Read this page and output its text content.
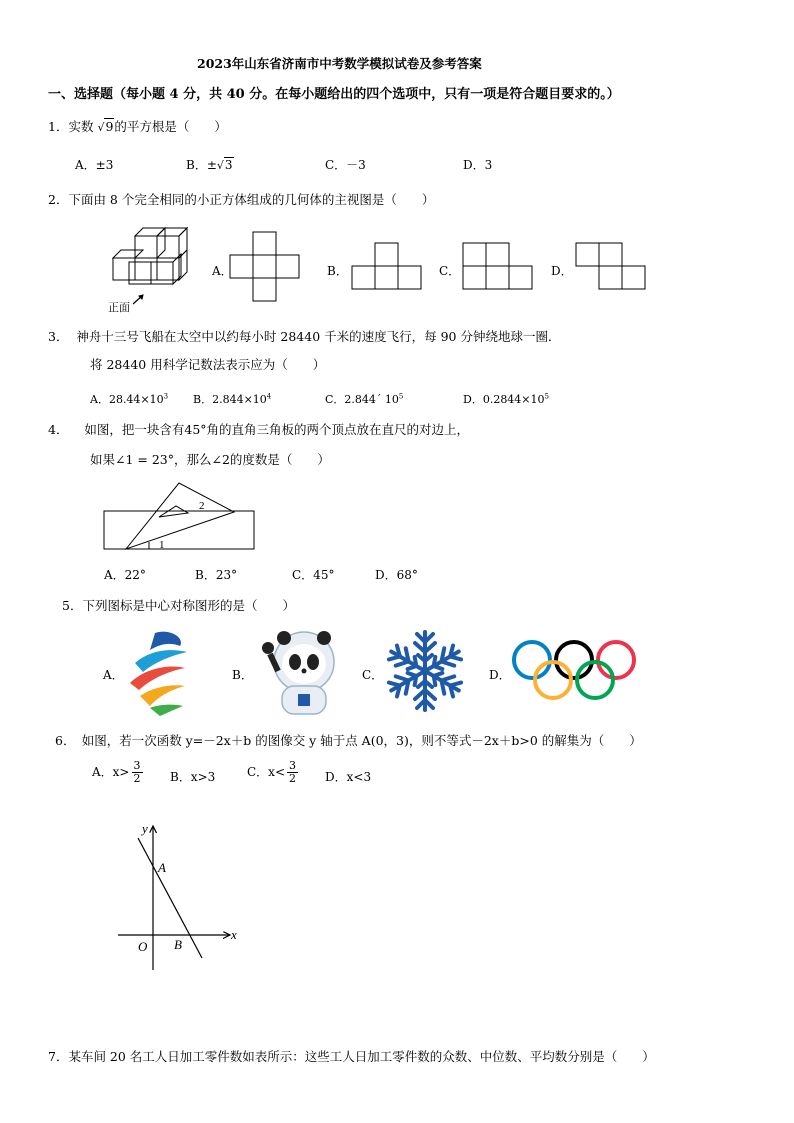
2023年山东省济南市中考数学模拟试卷及参考答案
一、选择题（每小题 4 分，共 40 分。在每小题给出的四个选项中，只有一项是符合题目要求的。）
1．实数 √9的平方根是（　　）
A．±3	B．±√3	C．－3	D．3
2．下面由 8 个完全相同的小正方体组成的几何体的主视图是（　　）
正面
A．	B．	C．	D．
3． 神舟十三号飞船在太空中以约每小时 28440 千米的速度飞行，每 90 分钟绕地球一圈．
将 28440 用科学记数法表示应为（　　）
A．$28.44\times 10^3$ B．$2.844\times 10^4$	C．2.844´ $10^5$	D．$0.2844\times 10^5$
4． 如图，把一块含有45°角的直角三角板的两个顶点放在直尺的对边上，
如果∠1 = 23°，那么∠2的度数是（　　）
2
1
A．22°	B．23°	C．45°	D．68°
5．下列图标是中心对称图形的是（　　）
A．	B．	C．	D．
6．　如图，若一次函数 y=－2x＋b 的图像交 y 轴于点 A(0，3)，则不等式－2x＋b>0 的解集为（　　）
A．$x> \frac{3}{2}$ B．x>3	C．$x< \frac{3}{2}$ D．x<3
x
y
A
B
O
7．某车间 20 名工人日加工零件数如表所示：这些工人日加工零件数的众数、中位数、平均数分别是（　　）
